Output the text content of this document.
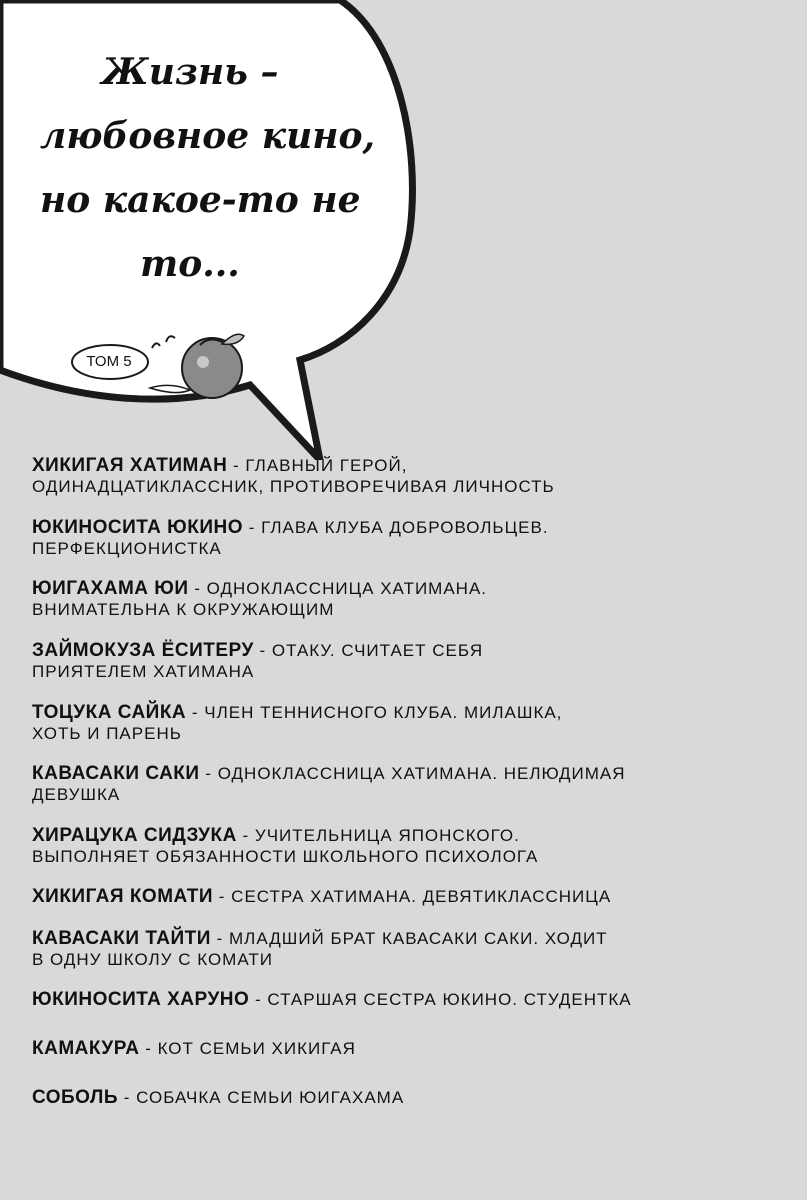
Жизнь –
любовное кино,
но какое-то не
то...
ТОМ 5
ХИКИГАЯ ХАТИМАН - ГЛАВНЫЙ ГЕРОЙ,
ОДИНАДЦАТИКЛАССНИК, ПРОТИВОРЕЧИВАЯ ЛИЧНОСТЬ
ЮКИНОСИТА ЮКИНО - ГЛАВА КЛУБА ДОБРОВОЛЬЦЕВ.
ПЕРФЕКЦИОНИСТКА
ЮИГАХАМА ЮИ - ОДНОКЛАССНИЦА ХАТИМАНА.
ВНИМАТЕЛЬНА К ОКРУЖАЮЩИМ
ЗАЙМОКУЗА ЁСИТЕРУ - ОТАКУ. СЧИТАЕТ СЕБЯ
ПРИЯТЕЛЕМ ХАТИМАНА
ТОЦУКА САЙКА - ЧЛЕН ТЕННИСНОГО КЛУБА. МИЛАШКА,
ХОТЬ И ПАРЕНЬ
КАВАСАКИ САКИ - ОДНОКЛАССНИЦА ХАТИМАНА. НЕЛЮДИМАЯ
ДЕВУШКА
ХИРАЦУКА СИДЗУКА - УЧИТЕЛЬНИЦА ЯПОНСКОГО.
ВЫПОЛНЯЕТ ОБЯЗАННОСТИ ШКОЛЬНОГО ПСИХОЛОГА
ХИКИГАЯ КОМАТИ - СЕСТРА ХАТИМАНА. ДЕВЯТИКЛАССНИЦА
КАВАСАКИ ТАЙТИ - МЛАДШИЙ БРАТ КАВАСАКИ САКИ. ХОДИТ
В ОДНУ ШКОЛУ С КОМАТИ
ЮКИНОСИТА ХАРУНО - СТАРШАЯ СЕСТРА ЮКИНО. СТУДЕНТКА
КАМАКУРА - КОТ СЕМЬИ ХИКИГАЯ
СОБОЛЬ - СОБАЧКА СЕМЬИ ЮИГАХАМА
